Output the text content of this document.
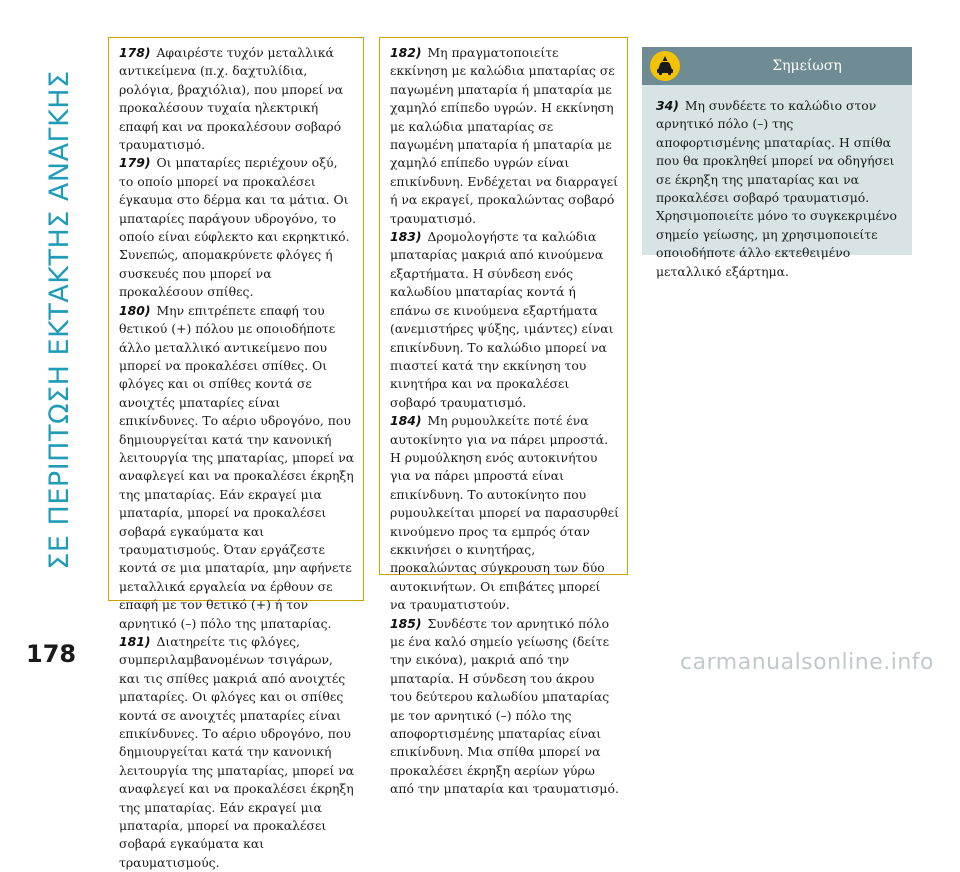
ΣΕ ΠΕΡΙΠΤΩΣΗ ΕΚΤΑΚΤΗΣ ΑΝΑΓΚΗΣ

178) Αφαιρέστε τυχόν μεταλλικά αντικείμενα (π.χ. δαχτυλίδια, ρολόγια, βραχιόλια), που μπορεί να προκαλέσουν τυχαία ηλεκτρική επαφή και να προκαλέσουν σοβαρό τραυματισμό.

179) Οι μπαταρίες περιέχουν οξύ, το οποίο μπορεί να προκαλέσει έγκαυμα στο δέρμα και τα μάτια. Οι μπαταρίες παράγουν υδρογόνο, το οποίο είναι εύφλεκτο και εκρηκτικό. Συνεπώς, απομακρύνετε φλόγες ή συσκευές που μπορεί να προκαλέσουν σπίθες.

180) Μην επιτρέπετε επαφή του θετικού (+) πόλου με οποιοδήποτε άλλο μεταλλικό αντικείμενο που μπορεί να προκαλέσει σπίθες. Οι φλόγες και οι σπίθες κοντά σε ανοιχτές μπαταρίες είναι επικίνδυνες. Το αέριο υδρογόνο, που δημιουργείται κατά την κανονική λειτουργία της μπαταρίας, μπορεί να αναφλεγεί και να προκαλέσει έκρηξη της μπαταρίας. Εάν εκραγεί μια μπαταρία, μπορεί να προκαλέσει σοβαρά εγκαύματα και τραυματισμούς. Όταν εργάζεστε κοντά σε μια μπαταρία, μην αφήνετε μεταλλικά εργαλεία να έρθουν σε επαφή με τον θετικό (+) ή τον αρνητικό (–) πόλο της μπαταρίας.

181) Διατηρείτε τις φλόγες, συμπεριλαμβανομένων τσιγάρων, και τις σπίθες μακριά από ανοιχτές μπαταρίες. Οι φλόγες και οι σπίθες κοντά σε ανοιχτές μπαταρίες είναι επικίνδυνες. Το αέριο υδρογόνο, που δημιουργείται κατά την κανονική λειτουργία της μπαταρίας, μπορεί να αναφλεγεί και να προκαλέσει έκρηξη της μπαταρίας. Εάν εκραγεί μια μπαταρία, μπορεί να προκαλέσει σοβαρά εγκαύματα και τραυματισμούς.

182) Μη πραγματοποιείτε εκκίνηση με καλώδια μπαταρίας σε παγωμένη μπαταρία ή μπαταρία με χαμηλό επίπεδο υγρών. Η εκκίνηση με καλώδια μπαταρίας σε παγωμένη μπαταρία ή μπαταρία με χαμηλό επίπεδο υγρών είναι επικίνδυνη. Ενδέχεται να διαρραγεί ή να εκραγεί, προκαλώντας σοβαρό τραυματισμό.

183) Δρομολογήστε τα καλώδια μπαταρίας μακριά από κινούμενα εξαρτήματα. Η σύνδεση ενός καλωδίου μπαταρίας κοντά ή επάνω σε κινούμενα εξαρτήματα (ανεμιστήρες ψύξης, ιμάντες) είναι επικίνδυνη. Το καλώδιο μπορεί να πιαστεί κατά την εκκίνηση του κινητήρα και να προκαλέσει σοβαρό τραυματισμό.

184) Μη ρυμουλκείτε ποτέ ένα αυτοκίνητο για να πάρει μπροστά. Η ρυμούλκηση ενός αυτοκινήτου για να πάρει μπροστά είναι επικίνδυνη. Το αυτοκίνητο που ρυμουλκείται μπορεί να παρασυρθεί κινούμενο προς τα εμπρός όταν εκκινήσει ο κινητήρας, προκαλώντας σύγκρουση των δύο αυτοκινήτων. Οι επιβάτες μπορεί να τραυματιστούν.

185) Συνδέστε τον αρνητικό πόλο με ένα καλό σημείο γείωσης (δείτε την εικόνα), μακριά από την μπαταρία. Η σύνδεση του άκρου του δεύτερου καλωδίου μπαταρίας με τον αρνητικό (–) πόλο της αποφορτισμένης μπαταρίας είναι επικίνδυνη. Μια σπίθα μπορεί να προκαλέσει έκρηξη αερίων γύρω από την μπαταρία και τραυματισμό.

Σημείωση

34) Μη συνδέετε το καλώδιο στον αρνητικό πόλο (–) της αποφορτισμένης μπαταρίας. Η σπίθα που θα προκληθεί μπορεί να οδηγήσει σε έκρηξη της μπαταρίας και να προκαλέσει σοβαρό τραυματισμό. Χρησιμοποιείτε μόνο το συγκεκριμένο σημείο γείωσης, μη χρησιμοποιείτε οποιοδήποτε άλλο εκτεθειμένο μεταλλικό εξάρτημα.

178	carmanualsonline.info
